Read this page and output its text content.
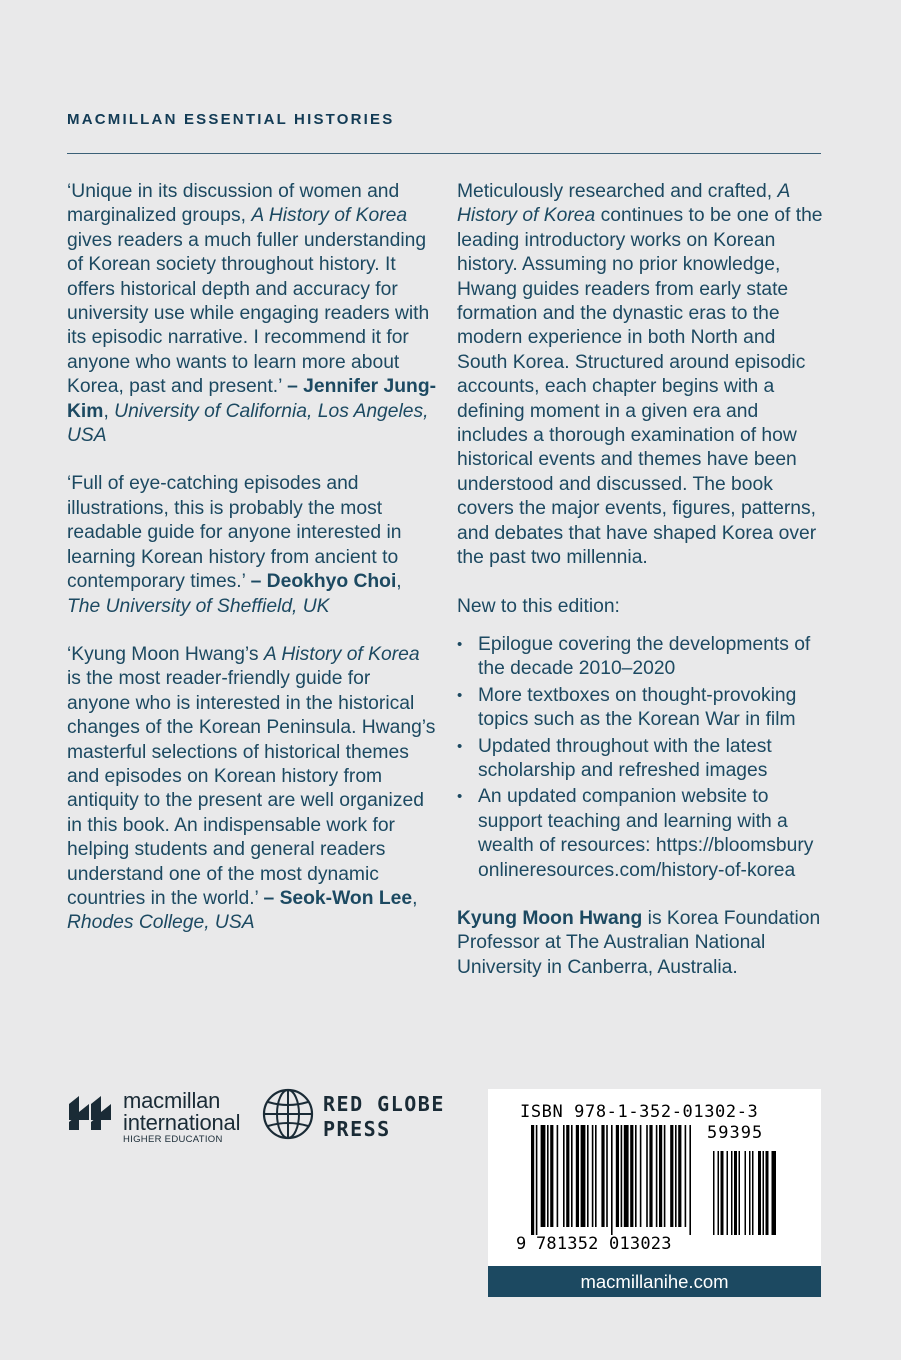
MACMILLAN ESSENTIAL HISTORIES

‘Unique in its discussion of women and marginalized groups, A History of Korea gives readers a much fuller understanding of Korean society throughout history. It offers historical depth and accuracy for university use while engaging readers with its episodic narrative. I recommend it for anyone who wants to learn more about Korea, past and present.’ – Jennifer Jung-Kim, University of California, Los Angeles, USA

‘Full of eye-catching episodes and illustrations, this is probably the most readable guide for anyone interested in learning Korean history from ancient to contemporary times.’ – Deokhyo Choi, The University of Sheffield, UK

‘Kyung Moon Hwang’s A History of Korea is the most reader-friendly guide for anyone who is interested in the historical changes of the Korean Peninsula. Hwang’s masterful selections of historical themes and episodes on Korean history from antiquity to the present are well organized in this book. An indispensable work for helping students and general readers understand one of the most dynamic countries in the world.’ – Seok-Won Lee, Rhodes College, USA

Meticulously researched and crafted, A History of Korea continues to be one of the leading introductory works on Korean history. Assuming no prior knowledge, Hwang guides readers from early state formation and the dynastic eras to the modern experience in both North and South Korea. Structured around episodic accounts, each chapter begins with a defining moment in a given era and includes a thorough examination of how historical events and themes have been understood and discussed. The book covers the major events, figures, patterns, and debates that have shaped Korea over the past two millennia.

New to this edition:

• Epilogue covering the developments of the decade 2010–2020
• More textboxes on thought-provoking topics such as the Korean War in film
• Updated throughout with the latest scholarship and refreshed images
• An updated companion website to support teaching and learning with a wealth of resources: https://bloomsburyonlineresources.com/history-of-korea

Kyung Moon Hwang is Korea Foundation Professor at The Australian National University in Canberra, Australia.

macmillan
international
HIGHER EDUCATION
RED GLOBE
PRESS
ISBN 978-1-352-01302-3
59395
9 781352 013023
macmillanihe.com
